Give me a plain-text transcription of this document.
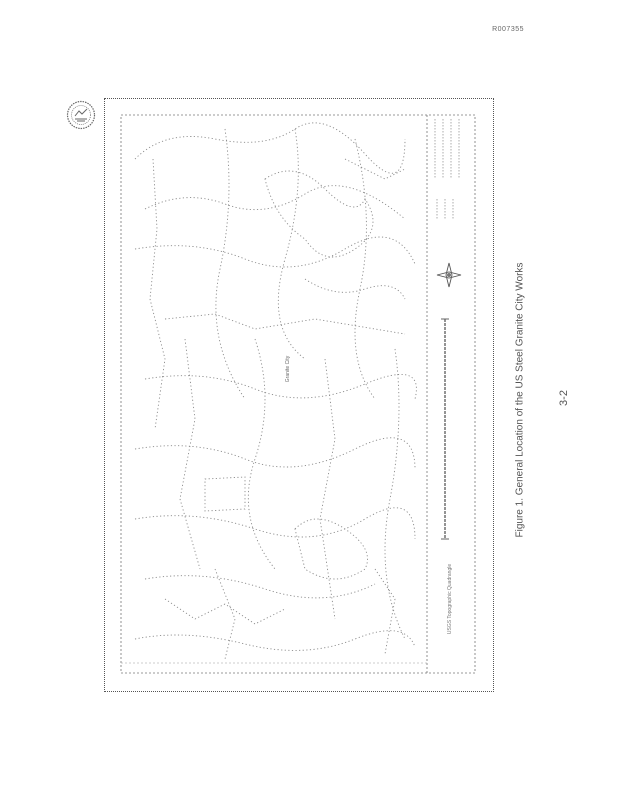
R007355
Granite City
USGS Topographic Quadrangle
Figure 1. General Location of the US Steel Granite City Works	3-2
